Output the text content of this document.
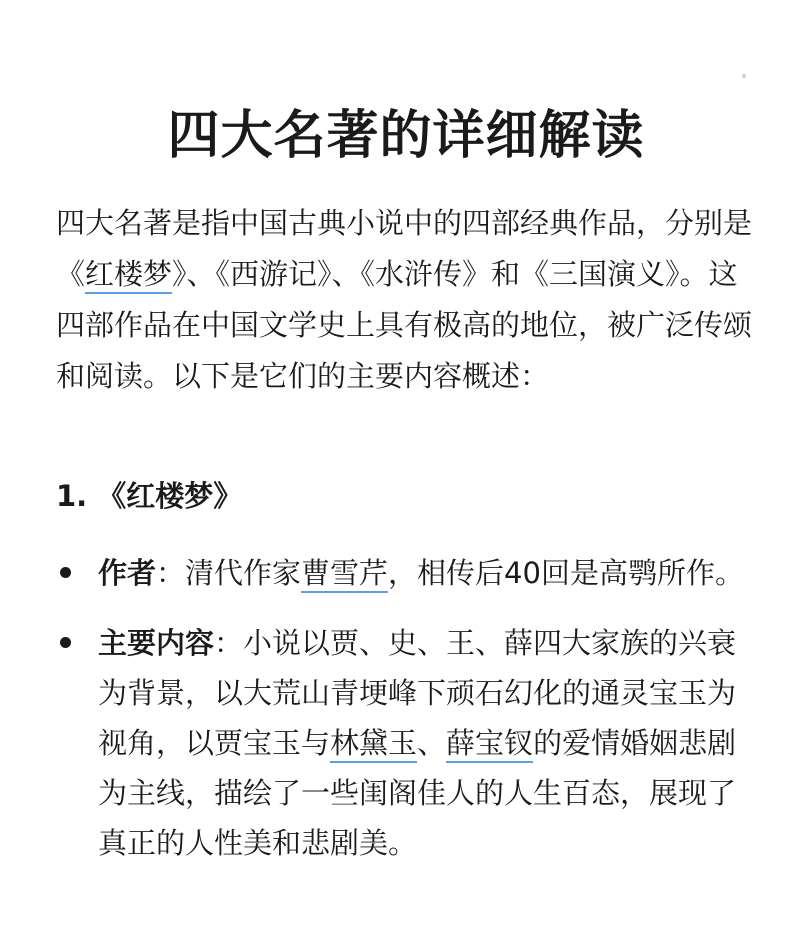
四大名著的详细解读

四大名著是指中国古典小说中的四部经典作品，分别是《红楼梦》、《西游记》、《水浒传》和《三国演义》。这四部作品在中国文学史上具有极高的地位，被广泛传颂和阅读。以下是它们的主要内容概述：

1. 《红楼梦》
作者：清代作家曹雪芹，相传后40回是高鹗所作。
主要内容：小说以贾、史、王、薛四大家族的兴衰为背景，以大荒山青埂峰下顽石幻化的通灵宝玉为视角，以贾宝玉与林黛玉、薛宝钗的爱情婚姻悲剧为主线，描绘了一些闺阁佳人的人生百态，展现了真正的人性美和悲剧美。
